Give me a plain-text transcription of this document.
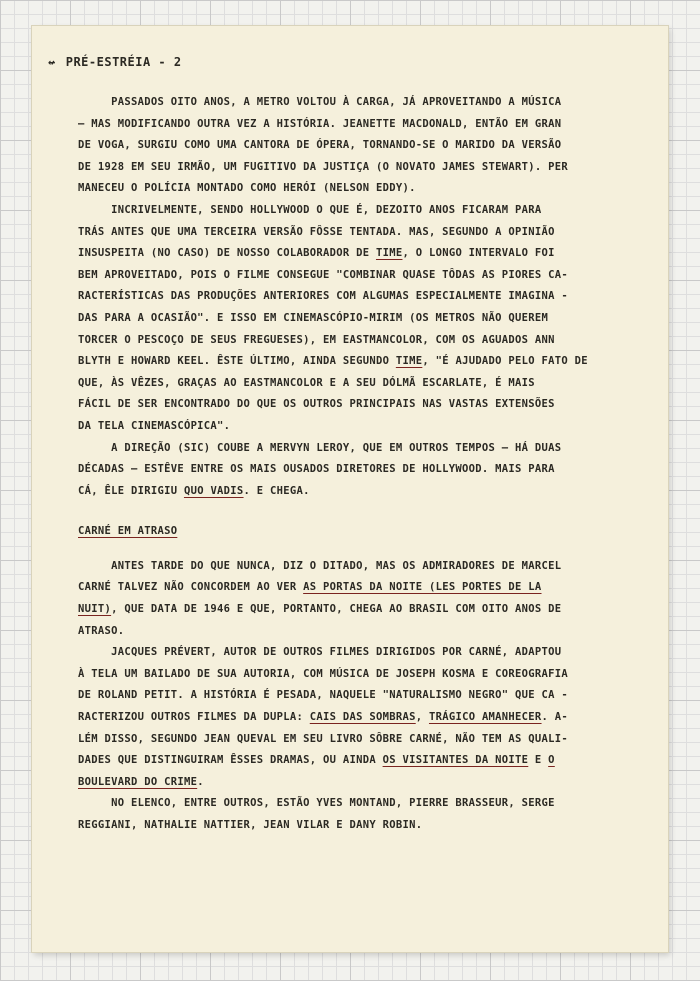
↚ PRÉ-ESTRÉIA - 2
PASSADOS OITO ANOS, A METRO VOLTOU À CARGA, JÁ APROVEITANDO A MÚSICA
— MAS MODIFICANDO OUTRA VEZ A HISTÓRIA. JEANETTE MACDONALD, ENTÃO EM GRAN
DE VOGA, SURGIU COMO UMA CANTORA DE ÓPERA, TORNANDO-SE O MARIDO DA VERSÃO
DE 1928 EM SEU IRMÃO, UM FUGITIVO DA JUSTIÇA (O NOVATO JAMES STEWART). PER
MANECEU O POLÍCIA MONTADO COMO HERÓI (NELSON EDDY).
INCRIVELMENTE, SENDO HOLLYWOOD O QUE É, DEZOITO ANOS FICARAM PARA
TRÁS ANTES QUE UMA TERCEIRA VERSÃO FÔSSE TENTADA. MAS, SEGUNDO A OPINIÃO
INSUSPEITA (NO CASO) DE NOSSO COLABORADOR DE TIME, O LONGO INTERVALO FOI
BEM APROVEITADO, POIS O FILME CONSEGUE "COMBINAR QUASE TÔDAS AS PIORES CA-
RACTERÍSTICAS DAS PRODUÇÕES ANTERIORES COM ALGUMAS ESPECIALMENTE IMAGINA -
DAS PARA A OCASIÃO". E ISSO EM CINEMASCÓPIO-MIRIM (OS METROS NÃO QUEREM
TORCER O PESCOÇO DE SEUS FREGUESES), EM EASTMANCOLOR, COM OS AGUADOS ANN
BLYTH E HOWARD KEEL. ÊSTE ÚLTIMO, AINDA SEGUNDO TIME, "É AJUDADO PELO FATO DE
QUE, ÀS VÊZES, GRAÇAS AO EASTMANCOLOR E A SEU DÓLMÃ ESCARLATE, É MAIS
FÁCIL DE SER ENCONTRADO DO QUE OS OUTROS PRINCIPAIS NAS VASTAS EXTENSÕES
DA TELA CINEMASCÓPICA".
A DIREÇÃO (SIC) COUBE A MERVYN LEROY, QUE EM OUTROS TEMPOS — HÁ DUAS
DÉCADAS — ESTÊVE ENTRE OS MAIS OUSADOS DIRETORES DE HOLLYWOOD. MAIS PARA
CÁ, ÊLE DIRIGIU QUO VADIS. E CHEGA.
CARNÉ EM ATRASO
ANTES TARDE DO QUE NUNCA, DIZ O DITADO, MAS OS ADMIRADORES DE MARCEL
CARNÉ TALVEZ NÃO CONCORDEM AO VER AS PORTAS DA NOITE (LES PORTES DE LA
NUIT), QUE DATA DE 1946 E QUE, PORTANTO, CHEGA AO BRASIL COM OITO ANOS DE
ATRASO.
JACQUES PRÉVERT, AUTOR DE OUTROS FILMES DIRIGIDOS POR CARNÉ, ADAPTOU
À TELA UM BAILADO DE SUA AUTORIA, COM MÚSICA DE JOSEPH KOSMA E COREOGRAFIA
DE ROLAND PETIT. A HISTÓRIA É PESADA, NAQUELE "NATURALISMO NEGRO" QUE CA -
RACTERIZOU OUTROS FILMES DA DUPLA: CAIS DAS SOMBRAS, TRÁGICO AMANHECER. A-
LÉM DISSO, SEGUNDO JEAN QUEVAL EM SEU LIVRO SÔBRE CARNÉ, NÃO TEM AS QUALI-
DADES QUE DISTINGUIRAM ÊSSES DRAMAS, OU AINDA OS VISITANTES DA NOITE E O
BOULEVARD DO CRIME.
NO ELENCO, ENTRE OUTROS, ESTÃO YVES MONTAND, PIERRE BRASSEUR, SERGE
REGGIANI, NATHALIE NATTIER, JEAN VILAR E DANY ROBIN.
